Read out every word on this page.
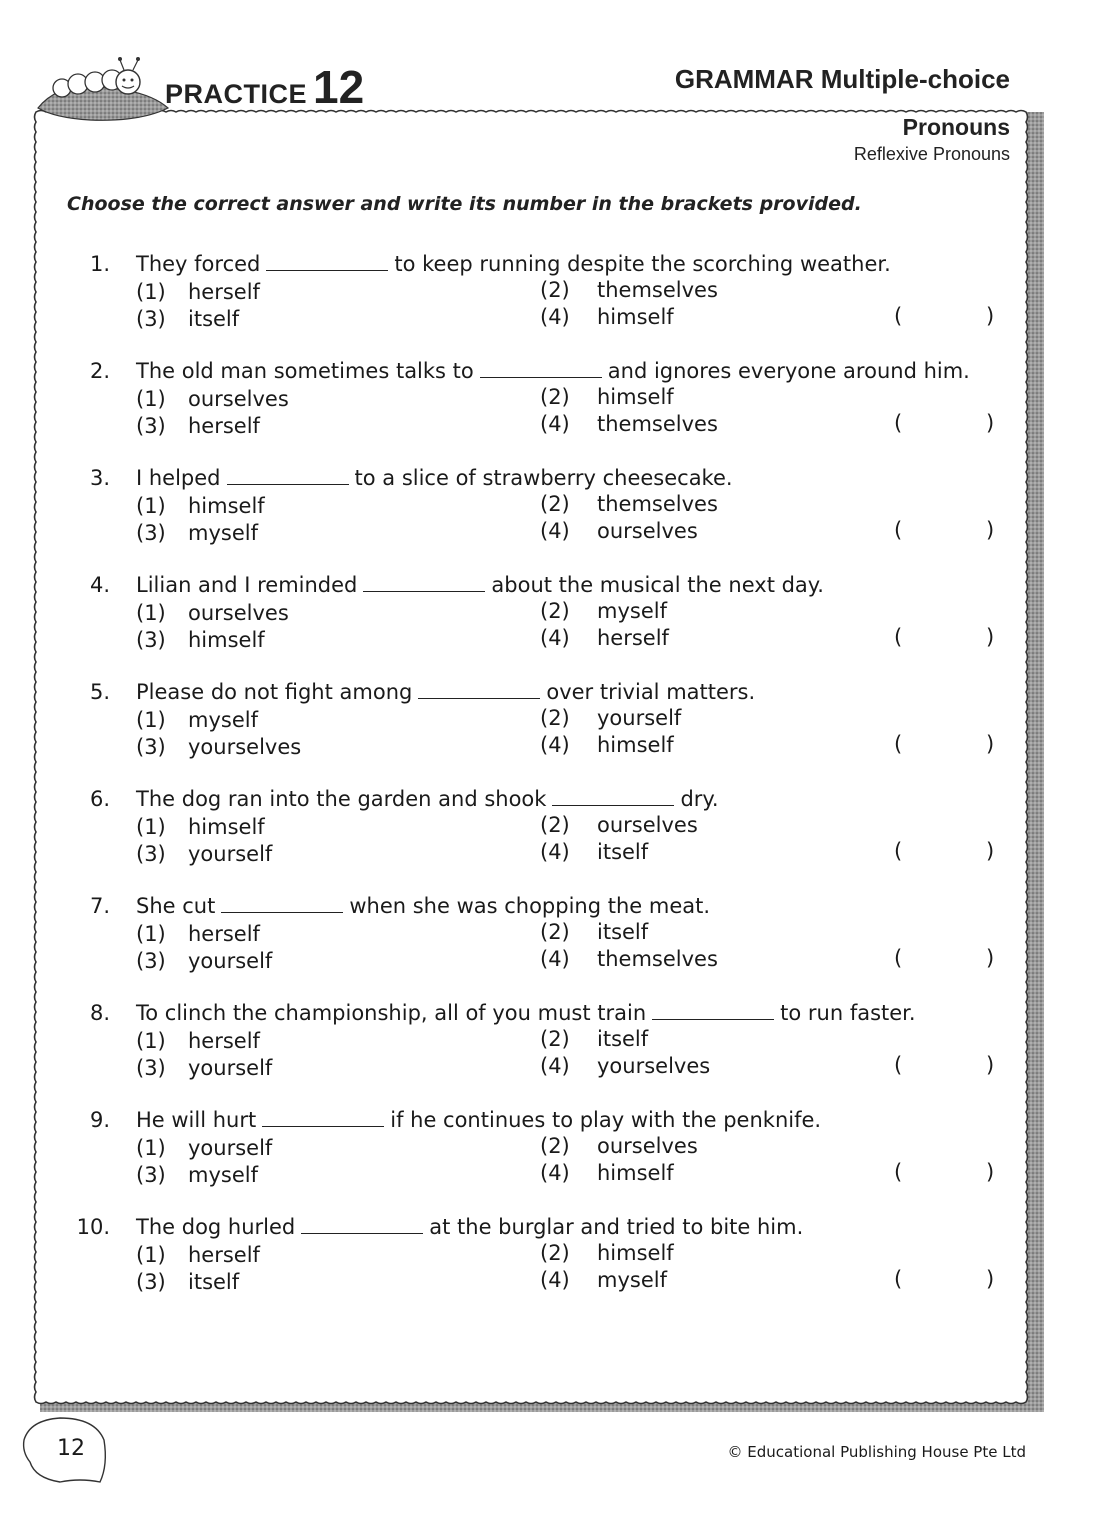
PRACTICE 12	GRAMMAR Multiple-choice
Pronouns
Reflexive Pronouns
Choose the correct answer and write its number in the brackets provided.
1. They forced	to keep running despite the scorching weather.
(1) herself	(2) themselves
(3) itself	(4) himself	(	)
2. The old man sometimes talks to	and ignores everyone around him.
(1) ourselves	(2) himself
(3) herself	(4) themselves	(	)
3. I helped	to a slice of strawberry cheesecake.
(1) himself	(2) themselves
(3) myself	(4) ourselves	(	)
4. Lilian and I reminded	about the musical the next day.
(1) ourselves	(2) myself
(3) himself	(4) herself	(	)
5. Please do not fight among	over trivial matters.
(1) myself	(2) yourself
(3) yourselves	(4) himself	(	)
6. The dog ran into the garden and shook	dry.
(1) himself	(2) ourselves
(3) yourself	(4) itself	(	)
7. She cut	when she was chopping the meat.
(1) herself	(2) itself
(3) yourself	(4) themselves	(	)
8. To clinch the championship, all of you must train	to run faster.
(1) herself	(2) itself
(3) yourself	(4) yourselves	(	)
9. He will hurt	if he continues to play with the penknife.
(1) yourself	(2) ourselves
(3) myself	(4) himself	(	)
10. The dog hurled	at the burglar and tried to bite him.
(1) herself	(2) himself
(3) itself	(4) myself	(	)
12	© Educational Publishing House Pte Ltd
